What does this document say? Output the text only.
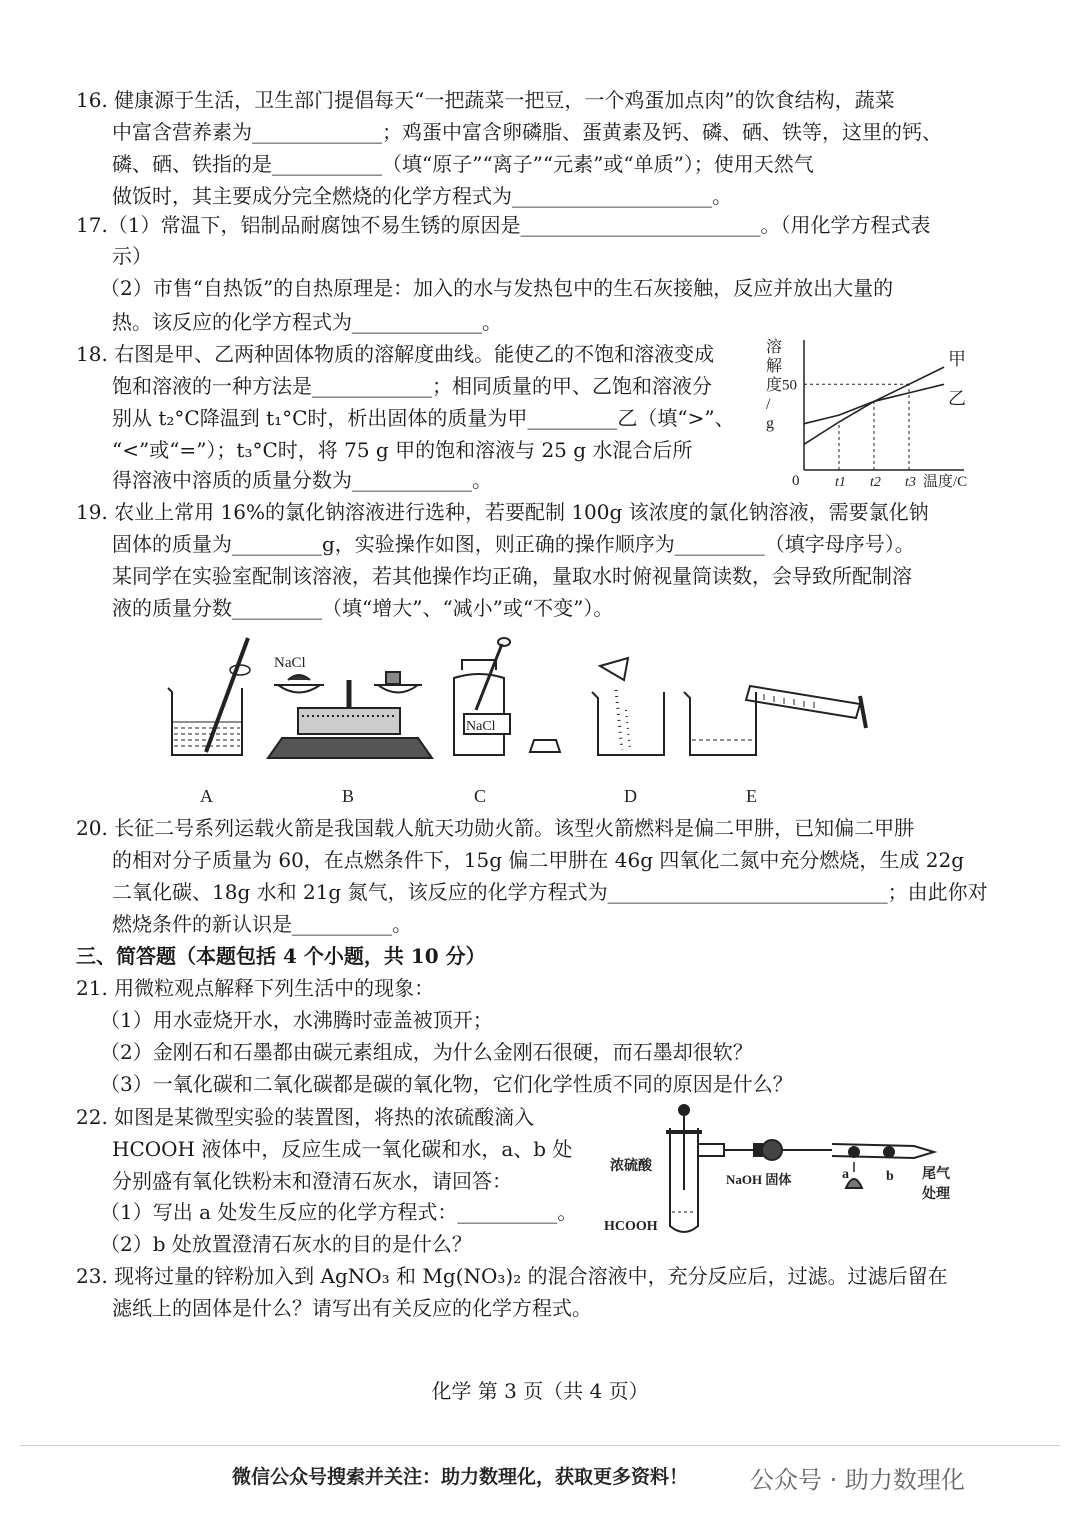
16. 健康源于生活，卫生部门提倡每天“一把蔬菜一把豆，一个鸡蛋加点肉”的饮食结构，蔬菜
中富含营养素为_____________；鸡蛋中富含卵磷脂、蛋黄素及钙、磷、硒、铁等，这里的钙、
磷、硒、铁指的是___________（填“原子”“离子”“元素”或“单质”）；使用天然气
做饭时，其主要成分完全燃烧的化学方程式为____________________。
17.（1）常温下，铝制品耐腐蚀不易生锈的原因是________________________。（用化学方程式表
示）
（2）市售“自热饭”的自热原理是：加入的水与发热包中的生石灰接触，反应并放出大量的
热。该反应的化学方程式为_____________。
18. 右图是甲、乙两种固体物质的溶解度曲线。能使乙的不饱和溶液变成
饱和溶液的一种方法是____________；相同质量的甲、乙饱和溶液分
别从 t₂°C降温到 t₁°C时，析出固体的质量为甲_________乙（填“>”、
“<”或“=”）；t₃°C时，将 75 g 甲的饱和溶液与 25 g 水混合后所
得溶液中溶质的质量分数为____________。
甲
乙
溶
解
度
/
g
50
0	t1 t2 t3 温度/C
19. 农业上常用 16%的氯化钠溶液进行选种，若要配制 100g 该浓度的氯化钠溶液，需要氯化钠
固体的质量为_________g，实验操作如图，则正确的操作顺序为_________（填字母序号）。
某同学在实验室配制该溶液，若其他操作均正确，量取水时俯视量筒读数，会导致所配制溶
液的质量分数_________（填“增大”、“减小”或“不变”）。
NaCl
NaCl
A	B	C	D	E
20. 长征二号系列运载火箭是我国载人航天功勋火箭。该型火箭燃料是偏二甲肼，已知偏二甲肼
的相对分子质量为 60，在点燃条件下，15g 偏二甲肼在 46g 四氧化二氮中充分燃烧，生成 22g
二氧化碳、18g 水和 21g 氮气，该反应的化学方程式为____________________________；由此你对
燃烧条件的新认识是__________。
三、简答题（本题包括 4 个小题，共 10 分）
21. 用微粒观点解释下列生活中的现象：
（1）用水壶烧开水，水沸腾时壶盖被顶开；
（2）金刚石和石墨都由碳元素组成，为什么金刚石很硬，而石墨却很软？
（3）一氧化碳和二氧化碳都是碳的氧化物，它们化学性质不同的原因是什么？
22. 如图是某微型实验的装置图，将热的浓硫酸滴入
HCOOH 液体中，反应生成一氧化碳和水，a、b 处
分别盛有氧化铁粉末和澄清石灰水，请回答：
（1）写出 a 处发生反应的化学方程式：__________。
（2）b 处放置澄清石灰水的目的是什么？
浓硫酸
HCOOH
NaOH 固体	a	b 尾气
处理
23. 现将过量的锌粉加入到 AgNO₃ 和 Mg(NO₃)₂ 的混合溶液中，充分反应后，过滤。过滤后留在
滤纸上的固体是什么？请写出有关反应的化学方程式。
化学 第 3 页（共 4 页）
微信公众号搜索并关注：助力数理化，获取更多资料！	公众号 · 助力数理化
